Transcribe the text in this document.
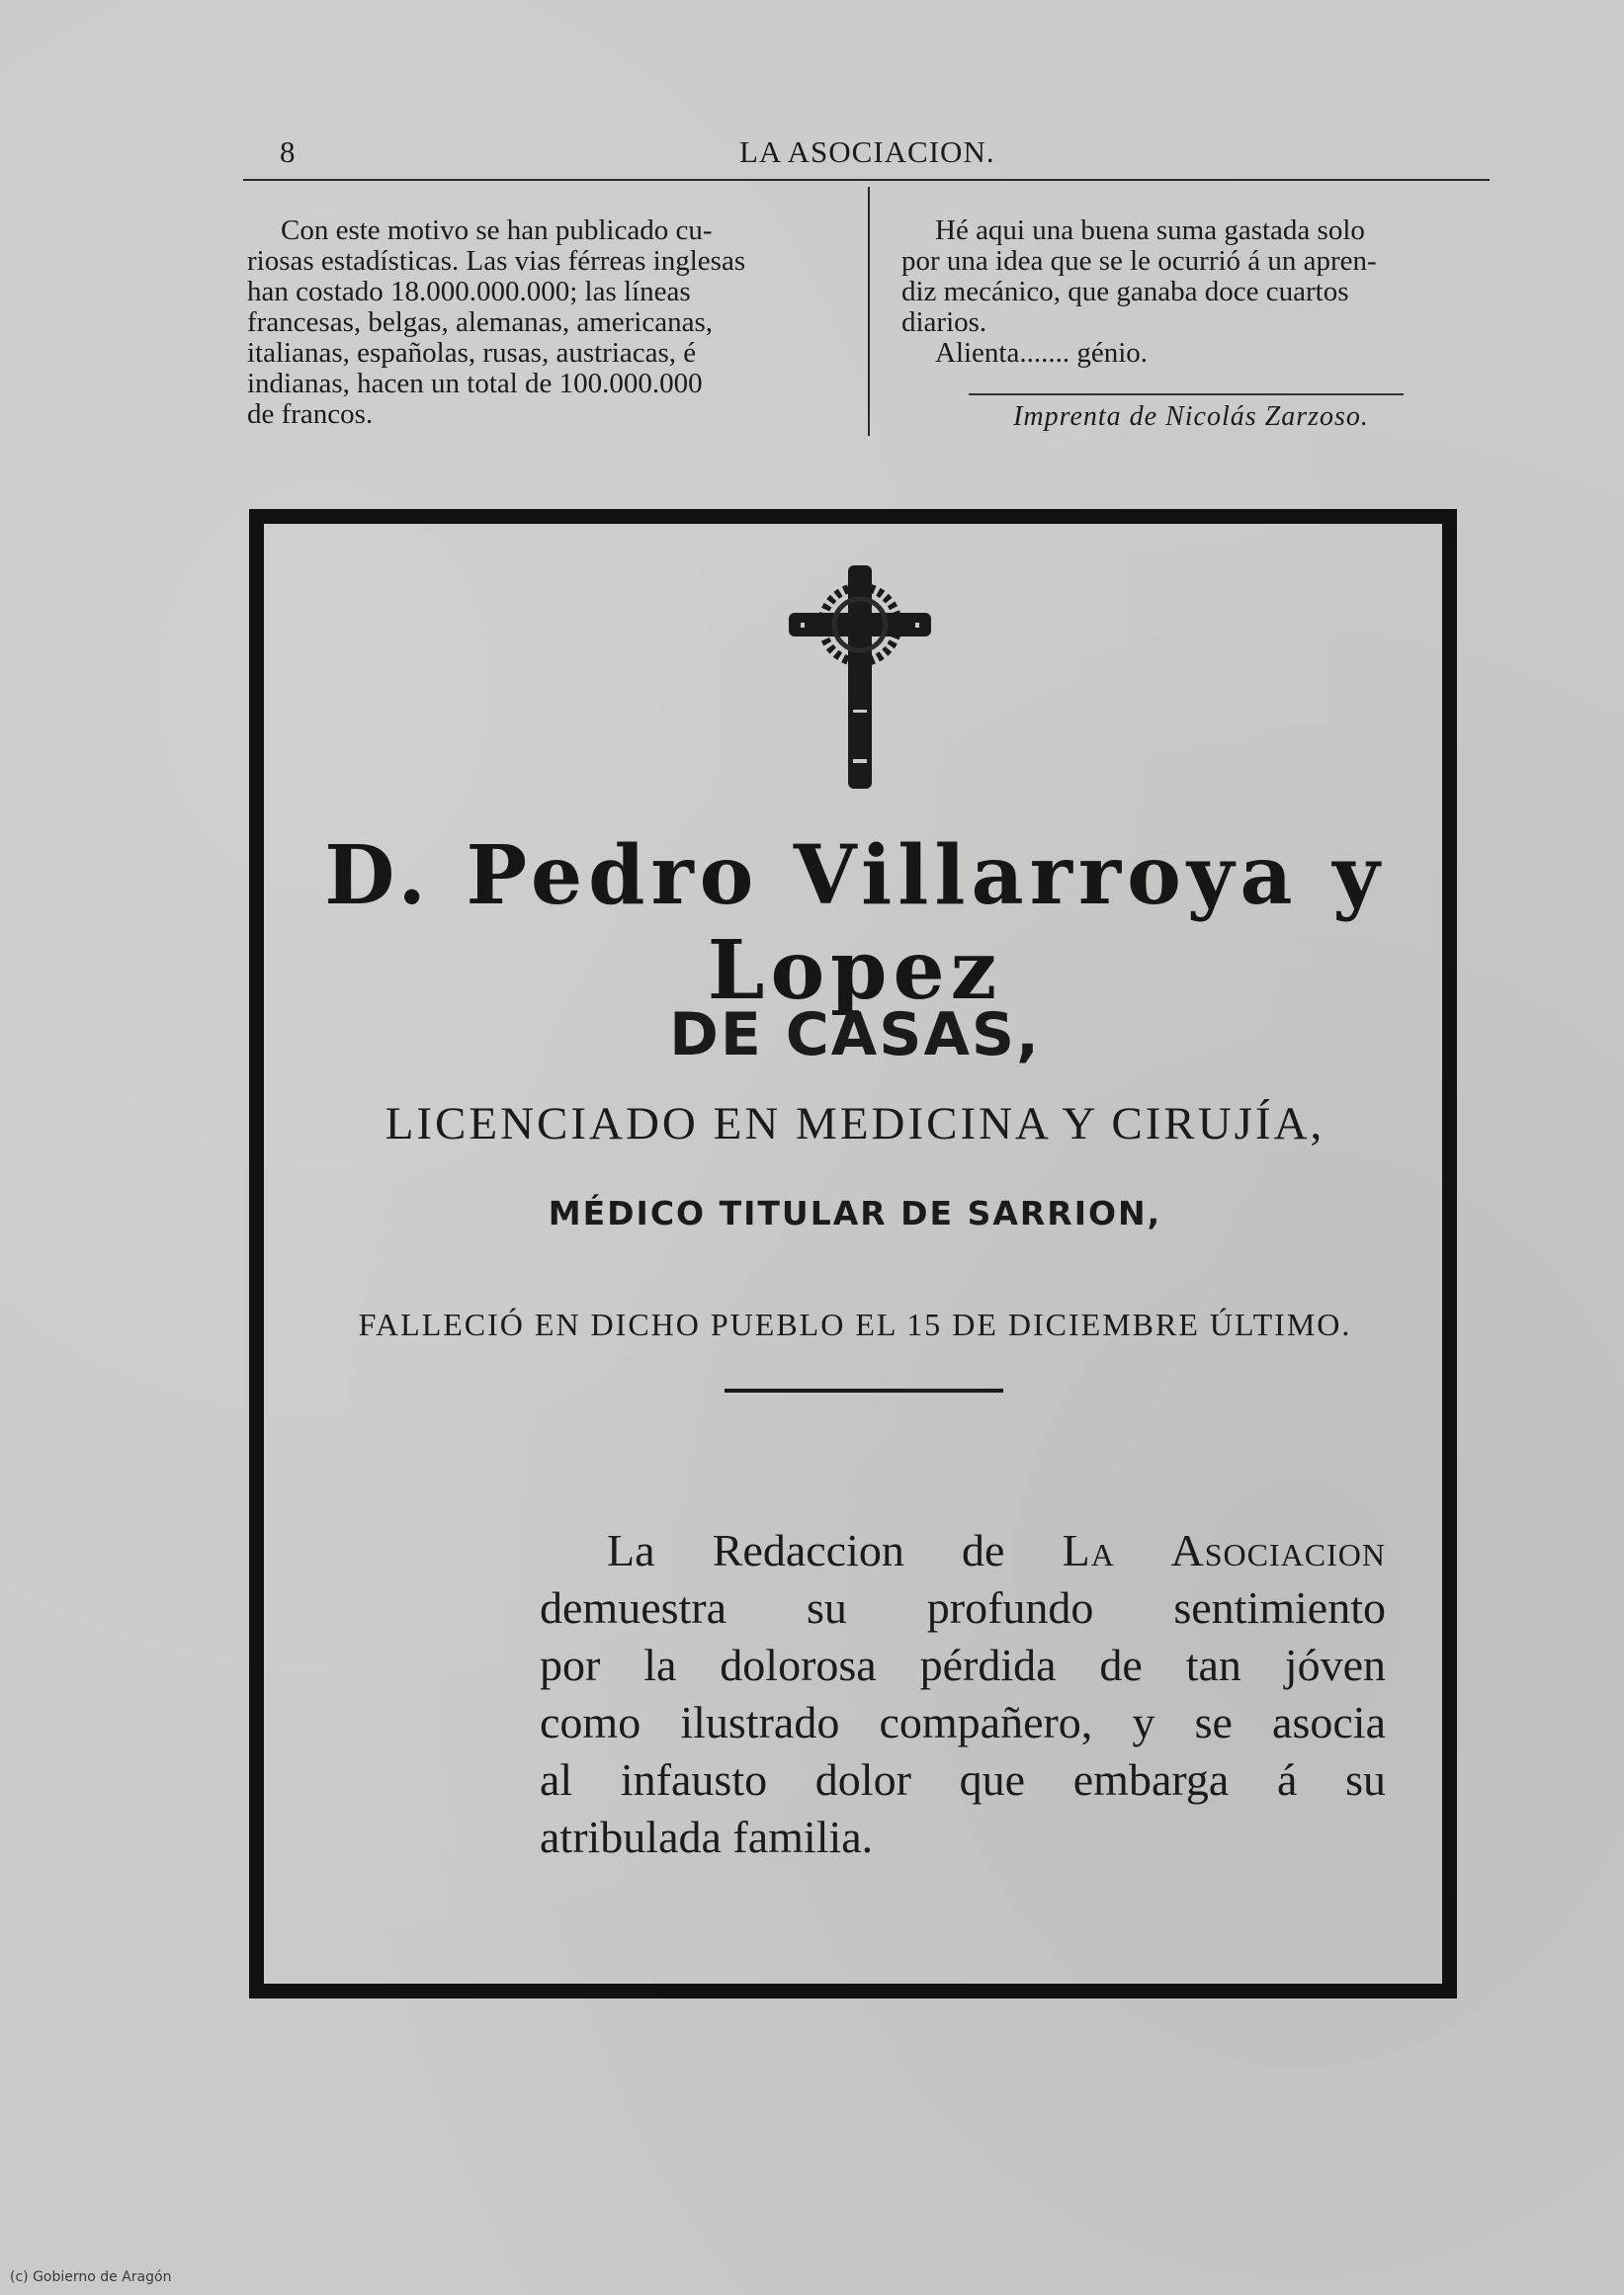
8	LA ASOCIACION.

Con este motivo se han publicado cu-

riosas estadísticas. Las vias férreas inglesas

han costado 18.000.000.000; las líneas

francesas, belgas, alemanas, americanas,

italianas, españolas, rusas, austriacas, é

indianas, hacen un total de 100.000.000

de francos.

Hé aqui una buena suma gastada solo

por una idea que se le ocurrió á un apren-

diz mecánico, que ganaba doce cuartos

diarios.

Alienta....... génio.

Imprenta de Nicolás Zarzoso.
D. Pedro Villarroya y Lopez
DE CASAS,
LICENCIADO EN MEDICINA Y CIRUJÍA,
MÉDICO TITULAR DE SARRION,
FALLECIÓ EN DICHO PUEBLO EL 15 DE DICIEMBRE ÚLTIMO.
La Redaccion de La Asociacion
demuestra su profundo sentimiento
por la dolorosa pérdida de tan jóven
como ilustrado compañero, y se asocia
al infausto dolor que embarga á su
atribulada familia.
(c) Gobierno de Aragón
